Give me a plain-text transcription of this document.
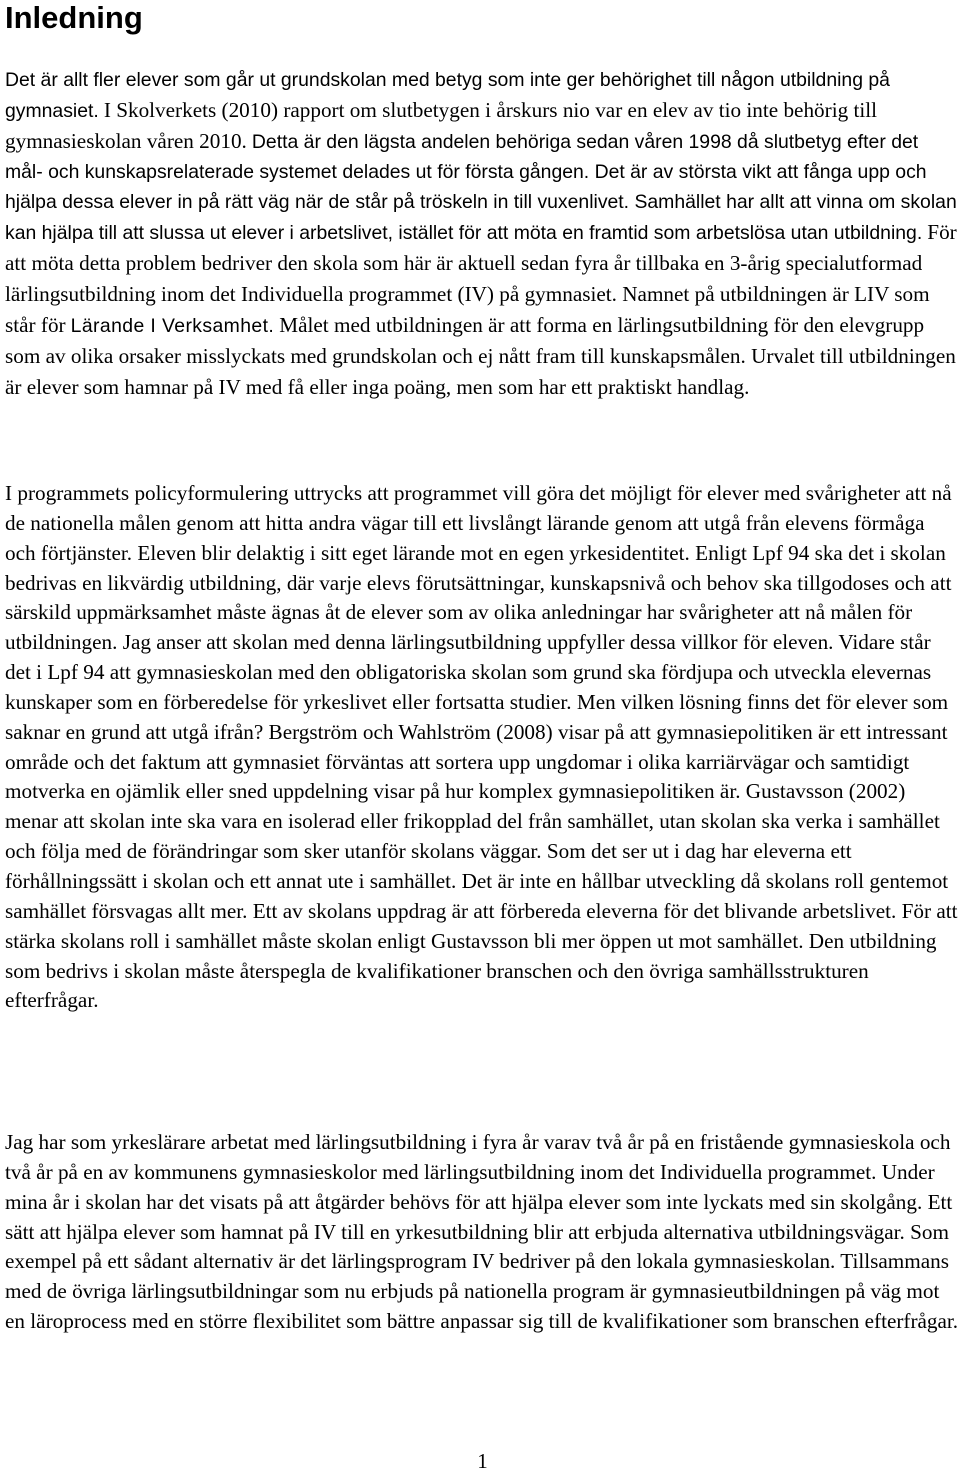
Inledning

Det är allt fler elever som går ut grundskolan med betyg som inte ger behörighet till någon utbildning på gymnasiet. I Skolverkets (2010) rapport om slutbetygen i årskurs nio var en elev av tio inte behörig till gymnasieskolan våren 2010. Detta är den lägsta andelen behöriga sedan våren 1998 då slutbetyg efter det mål- och kunskapsrelaterade systemet delades ut för första gången. Det är av största vikt att fånga upp och hjälpa dessa elever in på rätt väg när de står på tröskeln in till vuxenlivet. Samhället har allt att vinna om skolan kan hjälpa till att slussa ut elever i arbetslivet, istället för att möta en framtid som arbetslösa utan utbildning. För att möta detta problem bedriver den skola som här är aktuell sedan fyra år tillbaka en 3-årig specialutformad lärlingsutbildning inom det Individuella programmet (IV) på gymnasiet. Namnet på utbildningen är LIV som står för Lärande I Verksamhet. Målet med utbildningen är att forma en lärlingsutbildning för den elevgrupp som av olika orsaker misslyckats med grundskolan och ej nått fram till kunskapsmålen. Urvalet till utbildningen är elever som hamnar på IV med få eller inga poäng, men som har ett praktiskt handlag.

I programmets policyformulering uttrycks att programmet vill göra det möjligt för elever med svårigheter att nå de nationella målen genom att hitta andra vägar till ett livslångt lärande genom att utgå från elevens förmåga och förtjänster. Eleven blir delaktig i sitt eget lärande mot en egen yrkesidentitet. Enligt Lpf 94 ska det i skolan bedrivas en likvärdig utbildning, där varje elevs förutsättningar, kunskapsnivå och behov ska tillgodoses och att särskild uppmärksamhet måste ägnas åt de elever som av olika anledningar har svårigheter att nå målen för utbildningen. Jag anser att skolan med denna lärlingsutbildning uppfyller dessa villkor för eleven. Vidare står det i Lpf 94 att gymnasieskolan med den obligatoriska skolan som grund ska fördjupa och utveckla elevernas kunskaper som en förberedelse för yrkeslivet eller fortsatta studier. Men vilken lösning finns det för elever som saknar en grund att utgå ifrån? Bergström och Wahlström (2008) visar på att gymnasiepolitiken är ett intressant område och det faktum att gymnasiet förväntas att sortera upp ungdomar i olika karriärvägar och samtidigt motverka en ojämlik eller sned uppdelning visar på hur komplex gymnasiepolitiken är. Gustavsson (2002) menar att skolan inte ska vara en isolerad eller frikopplad del från samhället, utan skolan ska verka i samhället och följa med de förändringar som sker utanför skolans väggar. Som det ser ut i dag har eleverna ett förhållningssätt i skolan och ett annat ute i samhället. Det är inte en hållbar utveckling då skolans roll gentemot samhället försvagas allt mer. Ett av skolans uppdrag är att förbereda eleverna för det blivande arbetslivet. För att stärka skolans roll i samhället måste skolan enligt Gustavsson bli mer öppen ut mot samhället. Den utbildning som bedrivs i skolan måste återspegla de kvalifikationer branschen och den övriga samhällsstrukturen efterfrågar.

Jag har som yrkeslärare arbetat med lärlingsutbildning i fyra år varav två år på en fristående gymnasieskola och två år på en av kommunens gymnasieskolor med lärlingsutbildning inom det Individuella programmet. Under mina år i skolan har det visats på att åtgärder behövs för att hjälpa elever som inte lyckats med sin skolgång. Ett sätt att hjälpa elever som hamnat på IV till en yrkesutbildning blir att erbjuda alternativa utbildningsvägar. Som exempel på ett sådant alternativ är det lärlingsprogram IV bedriver på den lokala gymnasieskolan. Tillsammans med de övriga lärlingsutbildningar som nu erbjuds på nationella program är gymnasieutbildningen på väg mot en läroprocess med en större flexibilitet som bättre anpassar sig till de kvalifikationer som branschen efterfrågar.

1
